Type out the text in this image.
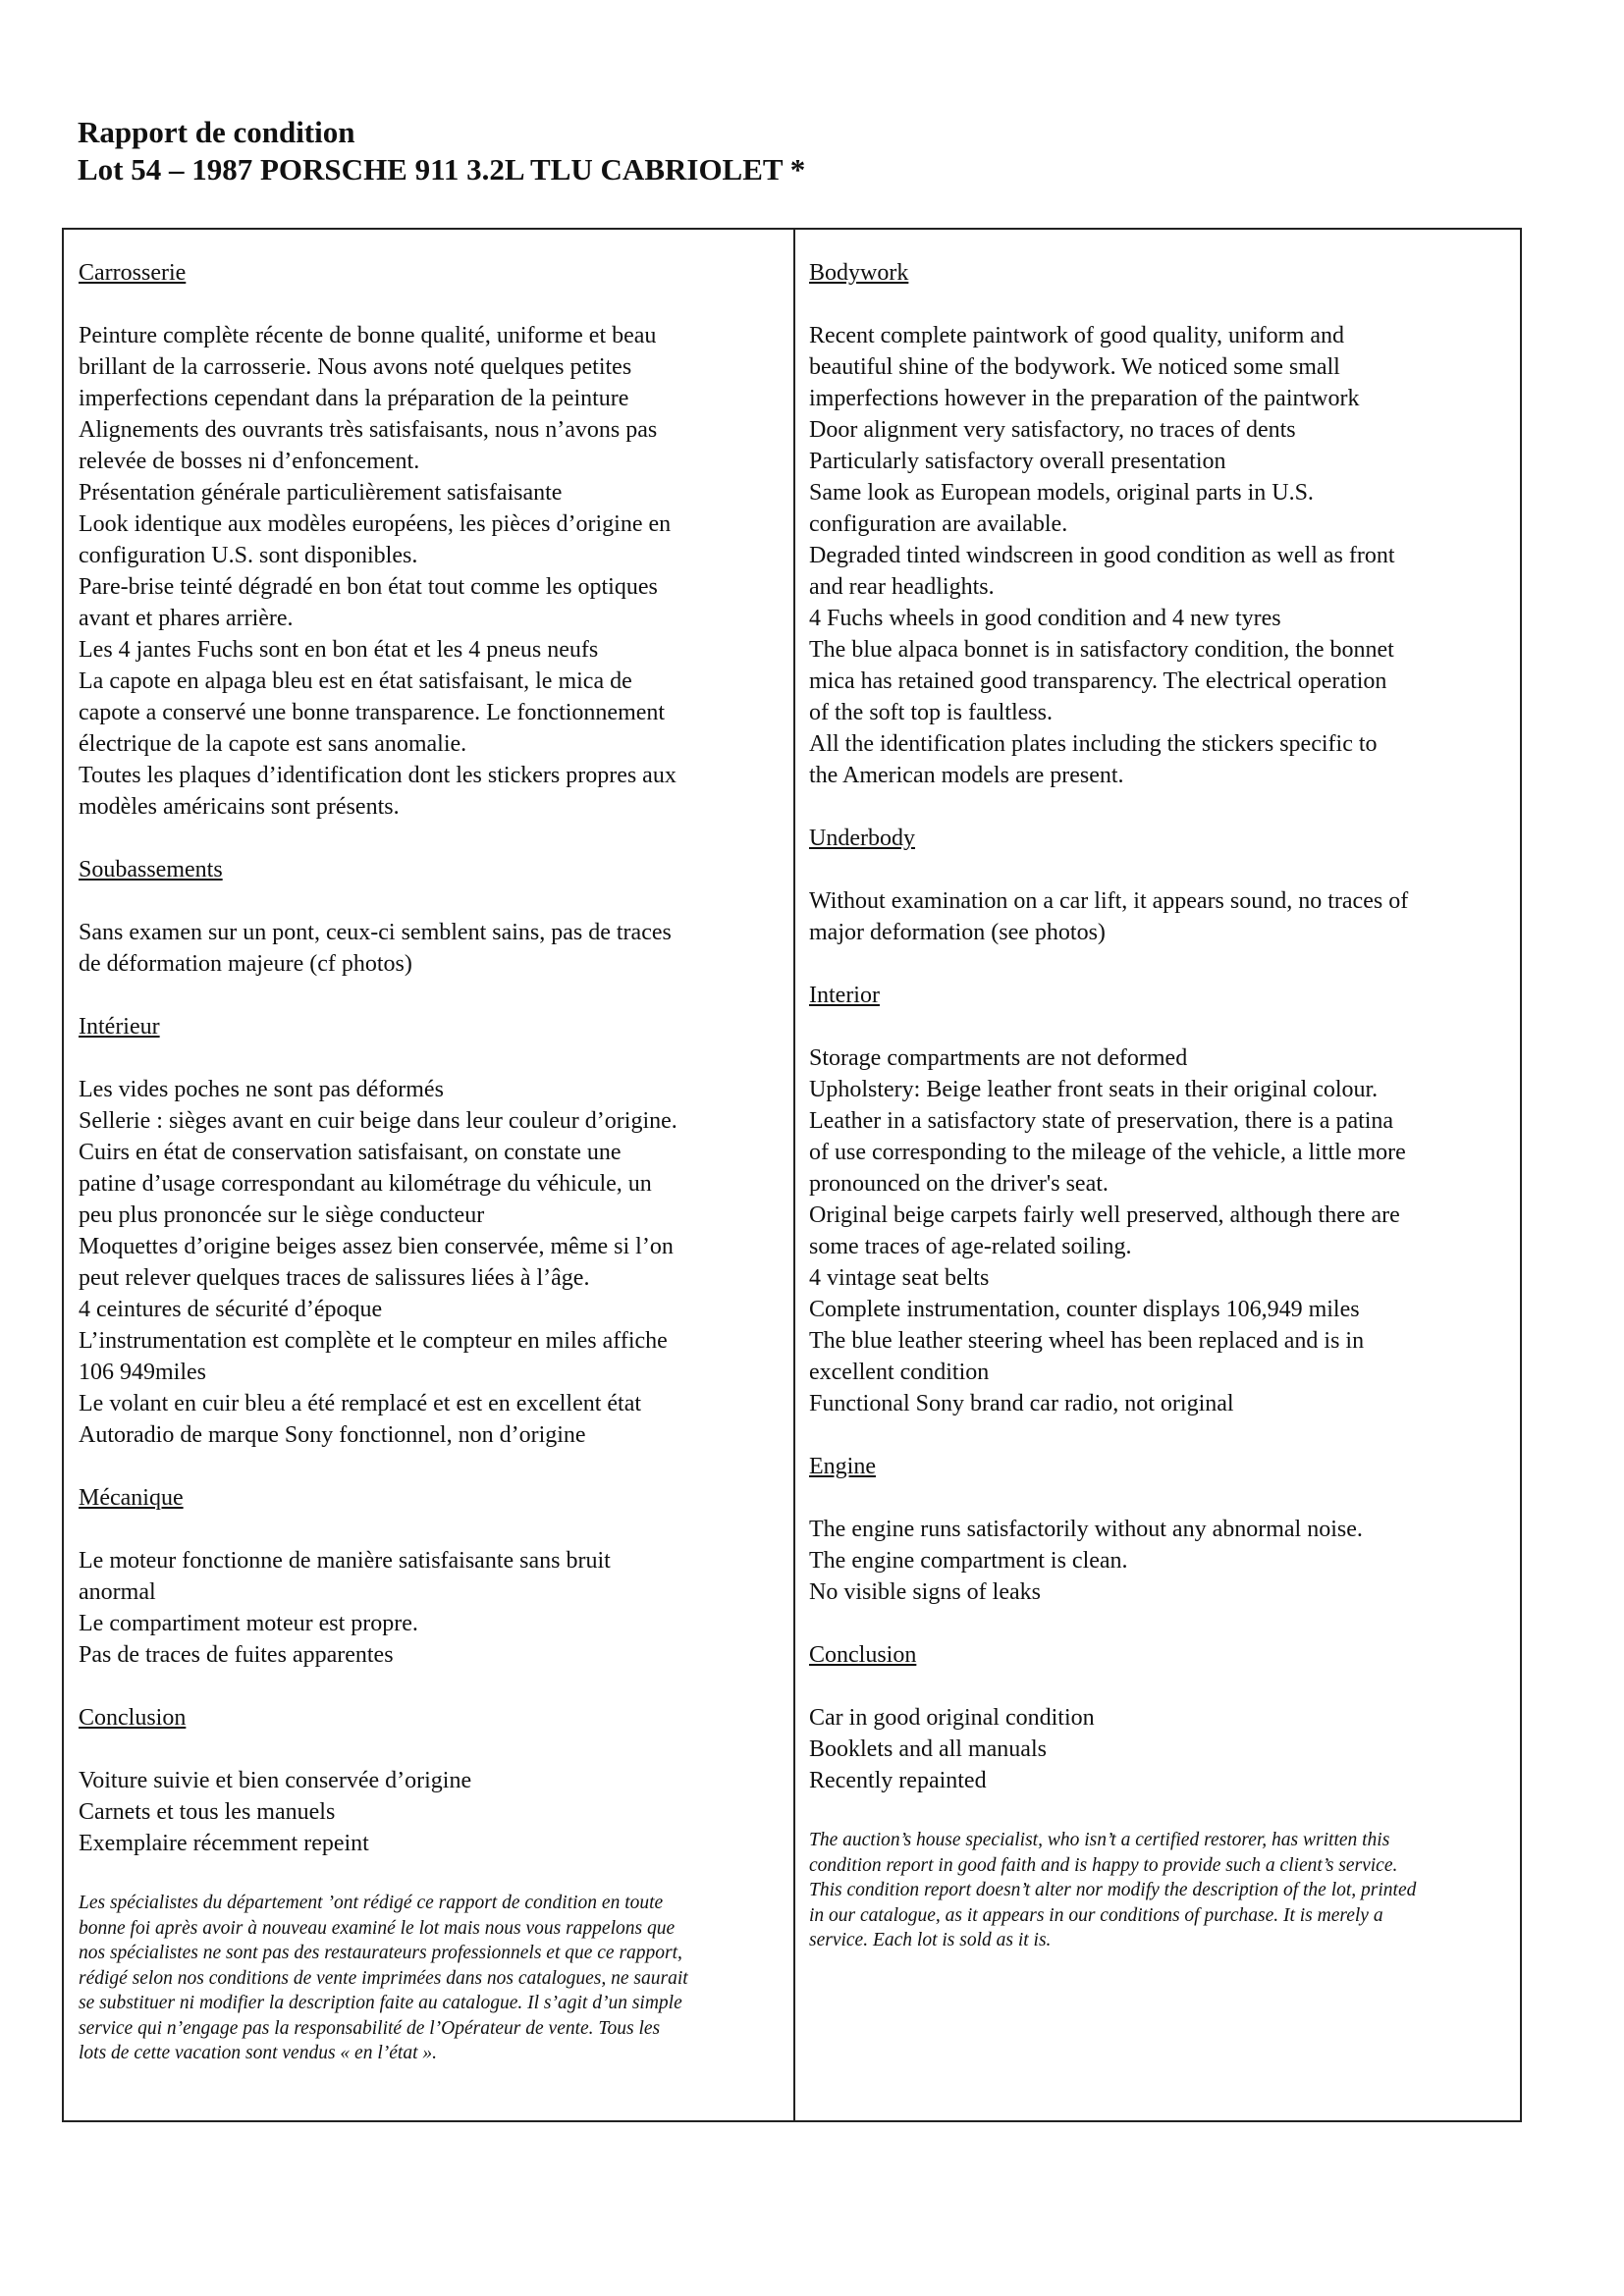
Rapport de condition
Lot 54 – 1987 PORSCHE 911 3.2L TLU CABRIOLET *
Carrosserie
Peinture complète récente de bonne qualité, uniforme et beau
brillant de la carrosserie. Nous avons noté quelques petites
imperfections cependant dans la préparation de la peinture
Alignements des ouvrants très satisfaisants, nous n’avons pas
relevée de bosses ni d’enfoncement.
Présentation générale particulièrement satisfaisante
Look identique aux modèles européens, les pièces d’origine en
configuration U.S. sont disponibles.
Pare-brise teinté dégradé en bon état tout comme les optiques
avant et phares arrière.
Les 4 jantes Fuchs sont en bon état et les 4 pneus neufs
La capote en alpaga bleu est en état satisfaisant, le mica de
capote a conservé une bonne transparence. Le fonctionnement
électrique de la capote est sans anomalie.
Toutes les plaques d’identification dont les stickers propres aux
modèles américains sont présents.
Soubassements
Sans examen sur un pont, ceux-ci semblent sains, pas de traces
de déformation majeure (cf photos)
Intérieur
Les vides poches ne sont pas déformés
Sellerie : sièges avant en cuir beige dans leur couleur d’origine.
Cuirs en état de conservation satisfaisant, on constate une
patine d’usage correspondant au kilométrage du véhicule, un
peu plus prononcée sur le siège conducteur
Moquettes d’origine beiges assez bien conservée, même si l’on
peut relever quelques traces de salissures liées à l’âge.
4 ceintures de sécurité d’époque
L’instrumentation est complète et le compteur en miles affiche
106 949miles
Le volant en cuir bleu a été remplacé et est en excellent état
Autoradio de marque Sony fonctionnel, non d’origine
Mécanique
Le moteur fonctionne de manière satisfaisante sans bruit
anormal
Le compartiment moteur est propre.
Pas de traces de fuites apparentes
Conclusion
Voiture suivie et bien conservée d’origine
Carnets et tous les manuels
Exemplaire récemment repeint
Les spécialistes du département ’ont rédigé ce rapport de condition en toute
bonne foi après avoir à nouveau examiné le lot mais nous vous rappelons que
nos spécialistes ne sont pas des restaurateurs professionnels et que ce rapport,
rédigé selon nos conditions de vente imprimées dans nos catalogues, ne saurait
se substituer ni modifier la description faite au catalogue. Il s’agit d’un simple
service qui n’engage pas la responsabilité de l’Opérateur de vente. Tous les
lots de cette vacation sont vendus « en l’état ».
Bodywork
Recent complete paintwork of good quality, uniform and
beautiful shine of the bodywork. We noticed some small
imperfections however in the preparation of the paintwork
Door alignment very satisfactory, no traces of dents
Particularly satisfactory overall presentation
Same look as European models, original parts in U.S.
configuration are available.
Degraded tinted windscreen in good condition as well as front
and rear headlights.
4 Fuchs wheels in good condition and 4 new tyres
The blue alpaca bonnet is in satisfactory condition, the bonnet
mica has retained good transparency. The electrical operation
of the soft top is faultless.
All the identification plates including the stickers specific to
the American models are present.
Underbody
Without examination on a car lift, it appears sound, no traces of
major deformation (see photos)
Interior
Storage compartments are not deformed
Upholstery: Beige leather front seats in their original colour.
Leather in a satisfactory state of preservation, there is a patina
of use corresponding to the mileage of the vehicle, a little more
pronounced on the driver's seat.
Original beige carpets fairly well preserved, although there are
some traces of age-related soiling.
4 vintage seat belts
Complete instrumentation, counter displays 106,949 miles
The blue leather steering wheel has been replaced and is in
excellent condition
Functional Sony brand car radio, not original
Engine
The engine runs satisfactorily without any abnormal noise.
The engine compartment is clean.
No visible signs of leaks
Conclusion
Car in good original condition
Booklets and all manuals
Recently repainted
The auction’s house specialist, who isn’t a certified restorer, has written this
condition report in good faith and is happy to provide such a client’s service.
This condition report doesn’t alter nor modify the description of the lot, printed
in our catalogue, as it appears in our conditions of purchase. It is merely a
service. Each lot is sold as it is.
